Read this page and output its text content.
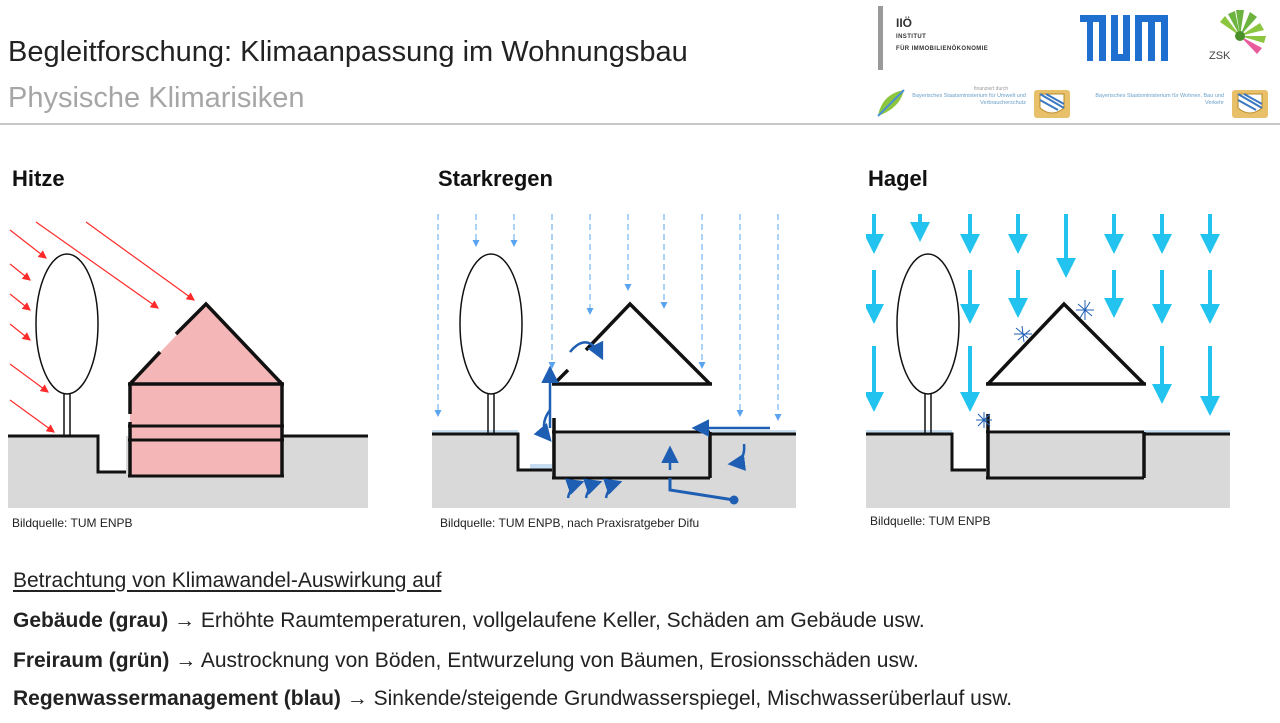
Begleitforschung: Klimaanpassung im Wohnungsbau
Physische Klimarisiken
IIÖ
INSTITUT
FÜR IMMOBILIENÖKONOMIE
ZSK
finanziert durch
Bayerisches Staatsministerium für Umwelt und Verbraucherschutz
Bayerisches Staatsministerium für Wohnen, Bau und Verkehr
Hitze	Starkregen	Hagel
Bildquelle: TUM ENPB	Bildquelle: TUM ENPB, nach Praxisratgeber Difu	Bildquelle: TUM ENPB
Betrachtung von Klimawandel-Auswirkung auf
Gebäude (grau) → Erhöhte Raumtemperaturen, vollgelaufene Keller, Schäden am Gebäude usw.
Freiraum (grün) → Austrocknung von Böden, Entwurzelung von Bäumen, Erosionsschäden usw.
Regenwassermanagement (blau) → Sinkende/steigende Grundwasserspiegel, Mischwasserüberlauf usw.
